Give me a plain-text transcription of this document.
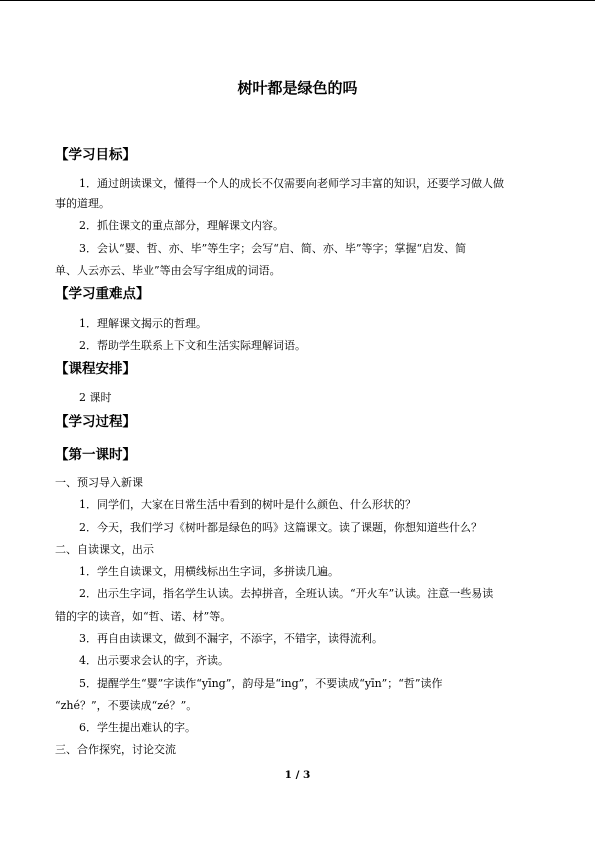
树叶都是绿色的吗
【学习目标】
1．通过朗读课文，懂得一个人的成长不仅需要向老师学习丰富的知识，还要学习做人做
事的道理。
2．抓住课文的重点部分，理解课文内容。
3．会认“婴、哲、亦、毕”等生字；会写“启、简、亦、毕”等字；掌握“启发、简
单、人云亦云、毕业”等由会写字组成的词语。
【学习重难点】
1．理解课文揭示的哲理。
2．帮助学生联系上下文和生活实际理解词语。
【课程安排】
2 课时
【学习过程】
【第一课时】
一、预习导入新课
1．同学们，大家在日常生活中看到的树叶是什么颜色、什么形状的？
2．今天，我们学习《树叶都是绿色的吗》这篇课文。读了课题，你想知道些什么？
二、自读课文，出示
1．学生自读课文，用横线标出生字词，多拼读几遍。
2．出示生字词，指名学生认读。去掉拼音，全班认读。“开火车”认读。注意一些易读
错的字的读音，如“哲、诺、材”等。
3．再自由读课文，做到不漏字，不添字，不错字，读得流利。
4．出示要求会认的字，齐读。
5．提醒学生“婴”字读作“yīng”，韵母是“ing”，不要读成“yīn”；“哲”读作
“zhé？”，不要读成“zé？”。
6．学生提出难认的字。
三、合作探究，讨论交流
1 / 3
